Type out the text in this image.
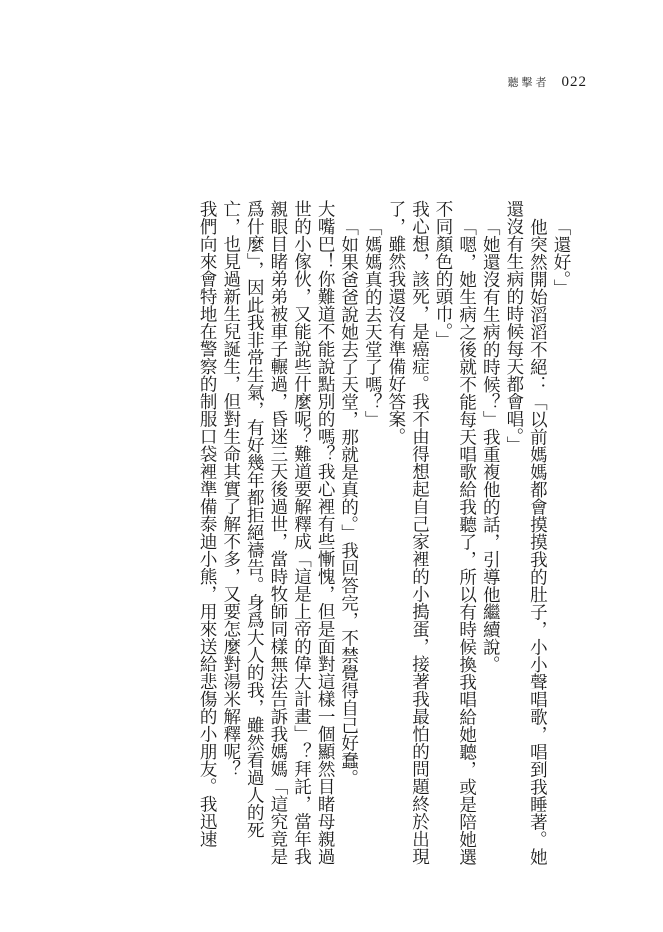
聽擊者 022

「還好。」

他突然開始滔滔不絕：「以前媽媽都會摸摸我的肚子，小小聲唱歌，唱到我睡著。她還沒有生病的時候每天都會唱。」

「她還沒有生病的時候？」我重複他的話，引導他繼續說。

「嗯，她生病之後就不能每天唱歌給我聽了，所以有時候換我唱給她聽，或是陪她選不同顏色的頭巾。」

我心想，該死，是癌症。我不由得想起自己家裡的小搗蛋，接著我最怕的問題終於出現了，雖然我還沒有準備好答案。

「媽媽真的去天堂了嗎？」

「如果爸爸說她去了天堂，那就是真的。」我回答完，不禁覺得自己好蠢。

大嘴巴！你難道不能說點別的嗎？我心裡有些慚愧，但是面對這樣一個顯然目睹母親過世的小傢伙，又能說些什麼呢？難道要解釋成「這是上帝的偉大計畫」？拜託，當年我親眼目睹弟弟被車子輾過，昏迷三天後過世，當時牧師同樣無法告訴我媽媽「這究竟是爲什麼」，因此我非常生氣，有好幾年都拒絕禱告。身爲大人的我，雖然看過人的死亡，也見過新生兒誕生，但對生命其實了解不多，又要怎麼對湯米解釋呢？

我們向來會特地在警察的制服口袋裡準備泰迪小熊，用來送給悲傷的小朋友。我迅速
